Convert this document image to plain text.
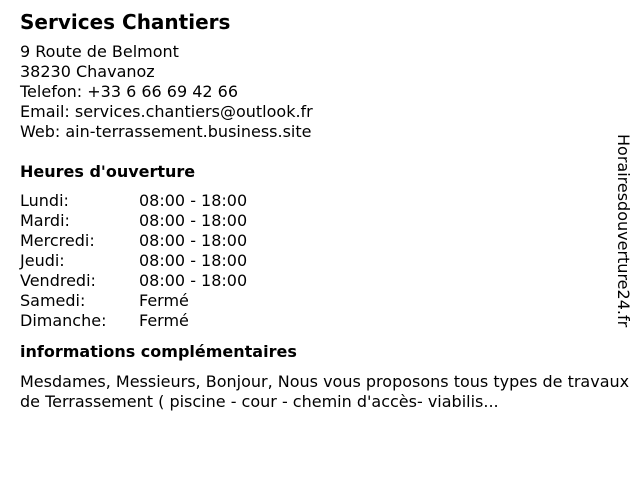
Services Chantiers
9 Route de Belmont
38230 Chavanoz
Telefon: +33 6 66 69 42 66
Email: services.chantiers@outlook.fr
Web: ain-terrassement.business.site
Heures d'ouverture
Lundi:	08:00 - 18:00
Mardi:	08:00 - 18:00
Mercredi:	08:00 - 18:00
Jeudi:	08:00 - 18:00
Vendredi:	08:00 - 18:00
Samedi:	Fermé
Dimanche:	Fermé
informations complémentaires
Mesdames, Messieurs, Bonjour, Nous vous proposons tous types de travaux de Terrassement ( piscine - cour - chemin d'accès- viabilis...
Horairesdouverture24.fr
